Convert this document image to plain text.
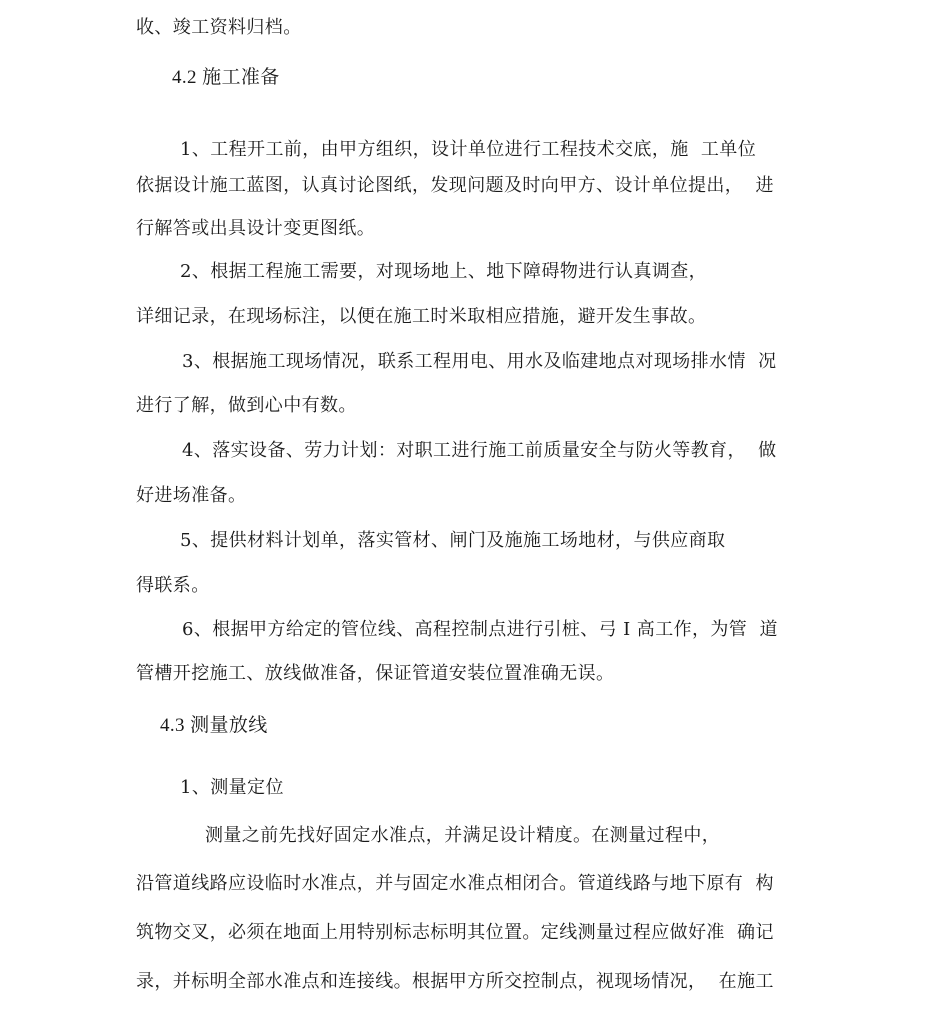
收、竣工资料归档。
4.2 施工准备
1、工程开工前，由甲方组织，设计单位进行工程技术交底，施  工单位
依据设计施工蓝图，认真讨论图纸，发现问题及时向甲方、设计单位提出，  进
行解答或出具设计变更图纸。
2、根据工程施工需要，对现场地上、地下障碍物进行认真调查，
详细记录，在现场标注，以便在施工时米取相应措施，避开发生事故。
3、根据施工现场情况，联系工程用电、用水及临建地点对现场排水情  况
进行了解，做到心中有数。
4、落实设备、劳力计划：对职工进行施工前质量安全与防火等教育，  做
好进场准备。
5、提供材料计划单，落实管材、闸门及施施工场地材，与供应商取
得联系。
6、根据甲方给定的管位线、高程控制点进行引桩、弓 I 高工作，为管  道
管槽开挖施工、放线做准备，保证管道安装位置准确无误。
4.3 测量放线
1、测量定位
测量之前先找好固定水准点，并满足设计精度。在测量过程中，
沿管道线路应设临时水准点，并与固定水准点相闭合。管道线路与地下原有  构
筑物交叉，必须在地面上用特别标志标明其位置。定线测量过程应做好准  确记
录，并标明全部水准点和连接线。根据甲方所交控制点，视现场情况，  在施工
